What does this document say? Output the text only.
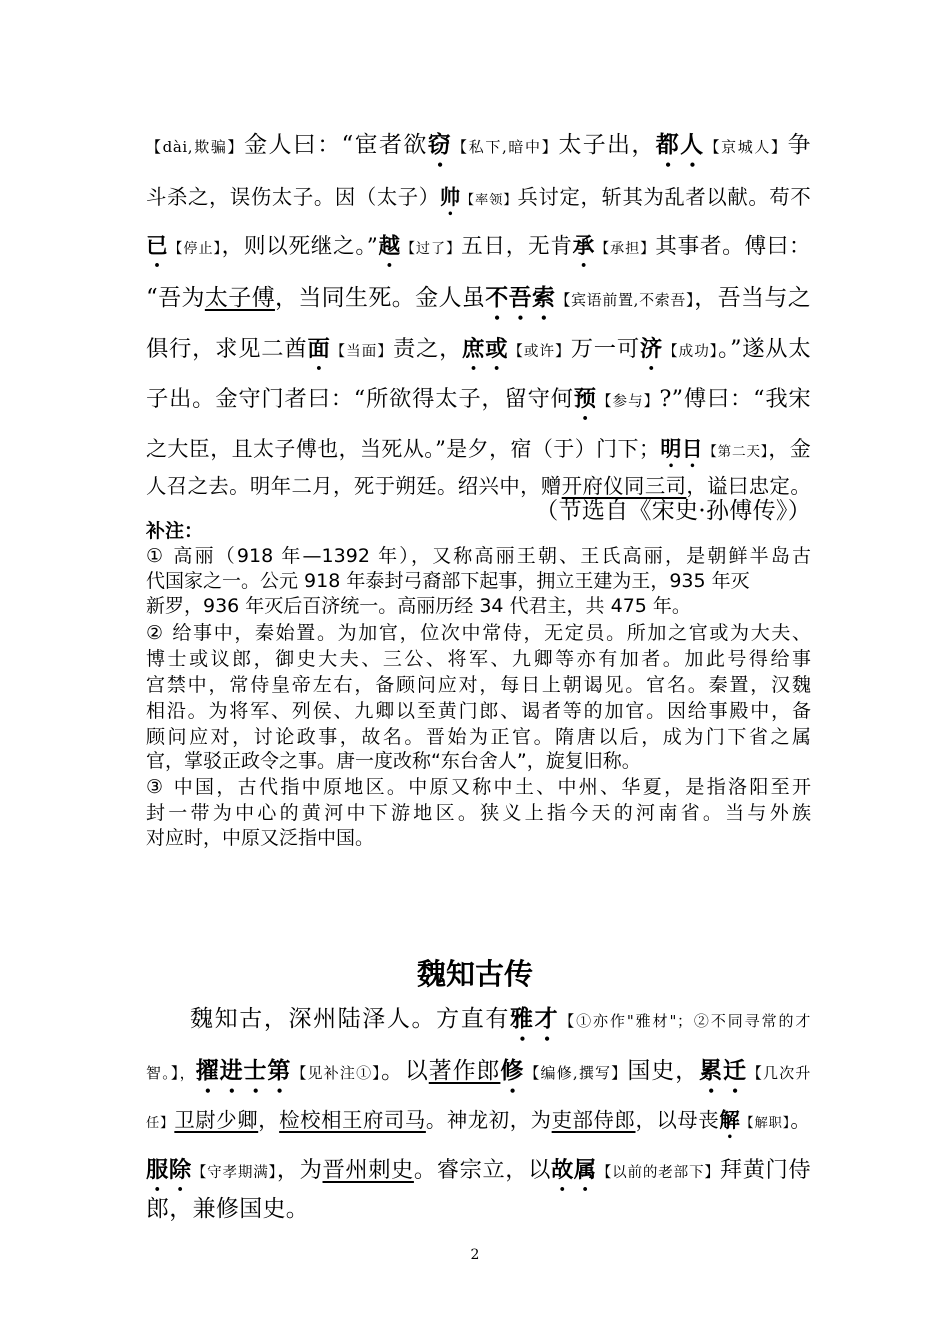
【dài,欺骗】金人曰：“宦者欲窃【私下,暗中】太子出，都人【京城人】争
斗杀之，误伤太子。因（太子）帅【率领】兵讨定，斩其为乱者以献。苟不
已【停止】，则以死继之。”越【过了】五日，无肯承【承担】其事者。傅曰：
“吾为太子傅，当同生死。金人虽不吾索【宾语前置,不索吾】，吾当与之
俱行，求见二酋面【当面】责之，庶或【或许】万一可济【成功】。”遂从太
子出。金守门者曰：“所欲得太子，留守何预【参与】?”傅曰：“我宋
之大臣，且太子傅也，当死从。”是夕，宿（于）门下；明日【第二天】，金
人召之去。明年二月，死于朔廷。绍兴中，赠开府仪同三司，谥曰忠定。
（节选自《宋史·孙傅传》）
补注：
① 高丽（918 年—1392 年），又称高丽王朝、王氏高丽，是朝鲜半岛古
代国家之一。公元 918 年泰封弓裔部下起事，拥立王建为王，935 年灭
新罗，936 年灭后百济统一。高丽历经 34 代君主，共 475 年。
② 给事中，秦始置。为加官，位次中常侍，无定员。所加之官或为大夫、
博士或议郎，御史大夫、三公、将军、九卿等亦有加者。加此号得给事
宫禁中，常侍皇帝左右，备顾问应对，每日上朝谒见。官名。秦置，汉魏
相沿。为将军、列侯、九卿以至黄门郎、谒者等的加官。因给事殿中，备
顾问应对，讨论政事，故名。晋始为正官。隋唐以后，成为门下省之属
官，掌驳正政令之事。唐一度改称“东台舍人”，旋复旧称。
③ 中国，古代指中原地区。中原又称中土、中州、华夏，是指洛阳至开
封一带为中心的黄河中下游地区。狭义上指今天的河南省。当与外族
对应时，中原又泛指中国。
魏知古传
魏知古，深州陆泽人。方直有雅才【①亦作"雅材"；②不同寻常的才
智。】，擢进士第【见补注①】。以著作郎修【编修,撰写】国史，累迁【几次升
任】卫尉少卿，检校相王府司马。神龙初，为吏部侍郎，以母丧解【解职】。
服除【守孝期满】，为晋州刺史。睿宗立，以故属【以前的老部下】拜黄门侍
郎，兼修国史。
2
